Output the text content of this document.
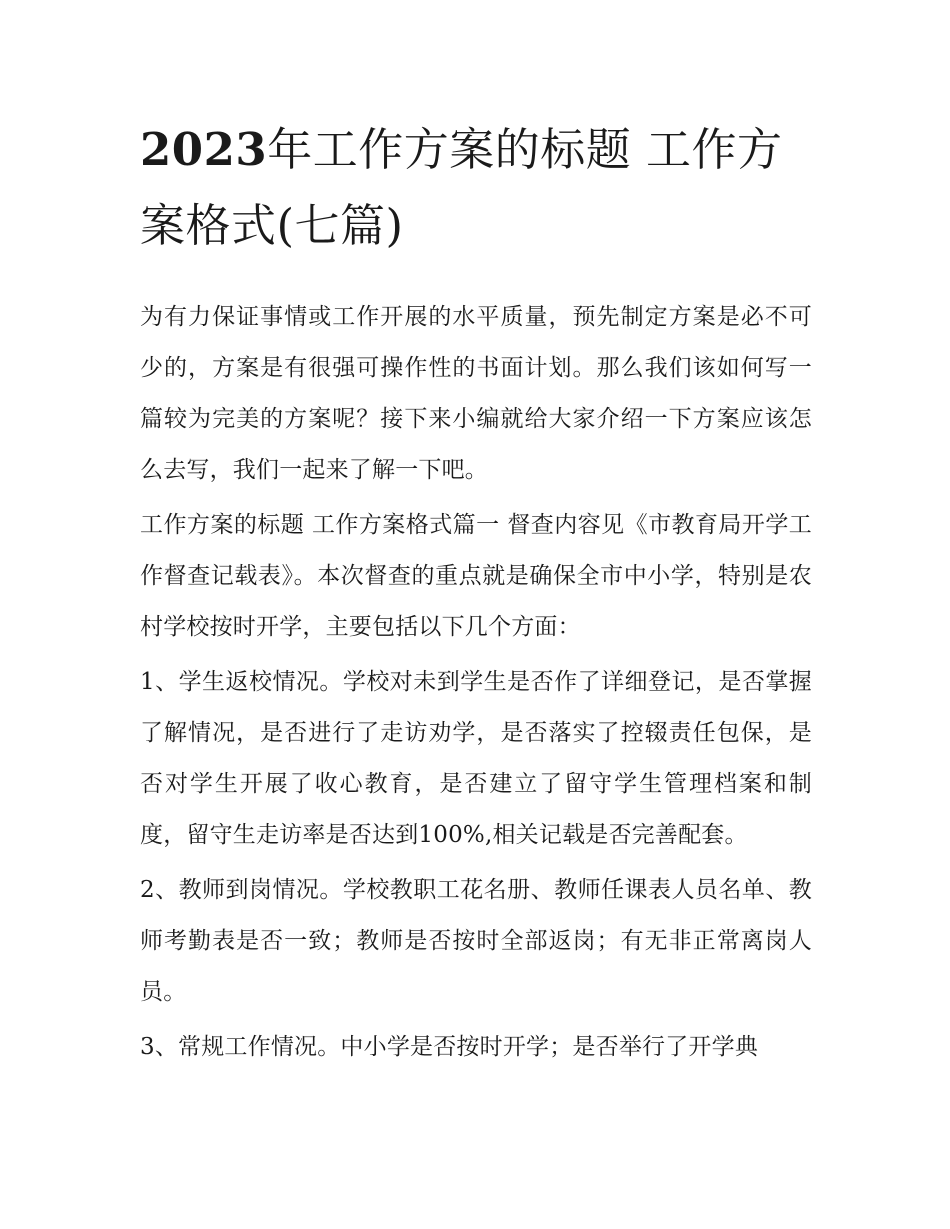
2023年工作方案的标题 工作方案格式(七篇)

为有力保证事情或工作开展的水平质量，预先制定方案是必不可少的，方案是有很强可操作性的书面计划。那么我们该如何写一篇较为完美的方案呢？接下来小编就给大家介绍一下方案应该怎么去写，我们一起来了解一下吧。

工作方案的标题 工作方案格式篇一 督查内容见《市教育局开学工作督查记载表》。本次督查的重点就是确保全市中小学，特别是农村学校按时开学，主要包括以下几个方面：

1、学生返校情况。学校对未到学生是否作了详细登记，是否掌握了解情况，是否进行了走访劝学，是否落实了控辍责任包保，是否对学生开展了收心教育，是否建立了留守学生管理档案和制度，留守生走访率是否达到100%,相关记载是否完善配套。

2、教师到岗情况。学校教职工花名册、教师任课表人员名单、教师考勤表是否一致；教师是否按时全部返岗；有无非正常离岗人员。

3、常规工作情况。中小学是否按时开学；是否举行了开学典
